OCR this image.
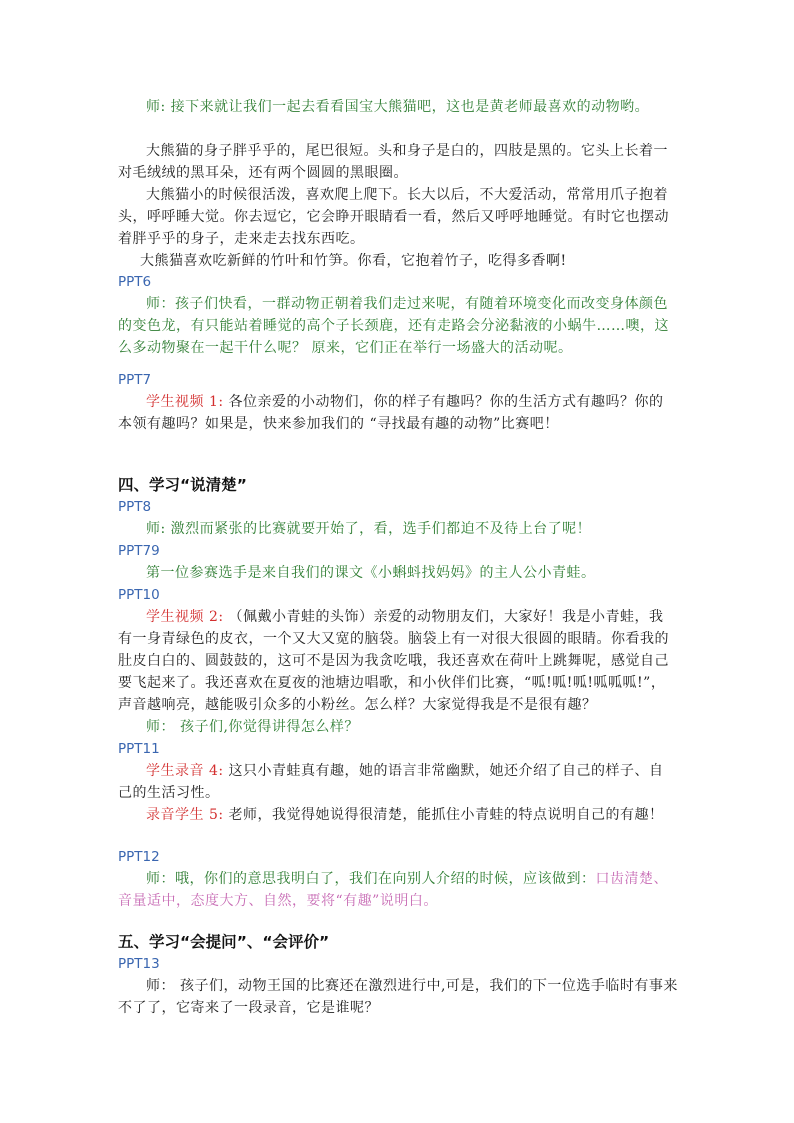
师: 接下来就让我们一起去看看国宝大熊猫吧，这也是黄老师最喜欢的动物哟。
大熊猫的身子胖乎乎的，尾巴很短。头和身子是白的，四肢是黑的。它头上长着一对毛绒绒的黑耳朵，还有两个圆圆的黑眼圈。
大熊猫小的时候很活泼，喜欢爬上爬下。长大以后，不大爱活动，常常用爪子抱着头，呼呼睡大觉。你去逗它，它会睁开眼睛看一看，然后又呼呼地睡觉。有时它也摆动着胖乎乎的身子，走来走去找东西吃。
大熊猫喜欢吃新鲜的竹叶和竹笋。你看，它抱着竹子，吃得多香啊!
PPT6
师：孩子们快看，一群动物正朝着我们走过来呢，有随着环境变化而改变身体颜色的变色龙，有只能站着睡觉的高个子长颈鹿，还有走路会分泌黏液的小蜗牛……噢，这么多动物聚在一起干什么呢？ 原来，它们正在举行一场盛大的活动呢。
PPT7
学生视频 1: 各位亲爱的小动物们，你的样子有趣吗？你的生活方式有趣吗？你的本领有趣吗？如果是，快来参加我们的 “寻找最有趣的动物”比赛吧！
四、学习“说清楚”
PPT8
师: 激烈而紧张的比赛就要开始了，看，选手们都迫不及待上台了呢！
PPT79
第一位参赛选手是来自我们的课文《小蝌蚪找妈妈》的主人公小青蛙。
PPT10
学生视频 2: （佩戴小青蛙的头饰）亲爱的动物朋友们，大家好！我是小青蛙，我有一身青绿色的皮衣，一个又大又宽的脑袋。脑袋上有一对很大很圆的眼睛。你看我的肚皮白白的、圆鼓鼓的，这可不是因为我贪吃哦，我还喜欢在荷叶上跳舞呢，感觉自己要飞起来了。我还喜欢在夏夜的池塘边唱歌，和小伙伴们比赛，“呱!呱!呱!呱呱呱!”，声音越响亮，越能吸引众多的小粉丝。怎么样？大家觉得我是不是很有趣？
师： 孩子们,你觉得讲得怎么样？
PPT11
学生录音 4: 这只小青蛙真有趣，她的语言非常幽默，她还介绍了自己的样子、自己的生活习性。
录音学生 5: 老师，我觉得她说得很清楚，能抓住小青蛙的特点说明自己的有趣！
PPT12
师：哦，你们的意思我明白了，我们在向别人介绍的时候，应该做到：口齿清楚、音量适中，态度大方、自然，要将“有趣”说明白。
五、学习“会提问”、“会评价”
PPT13
师： 孩子们，动物王国的比赛还在激烈进行中,可是，我们的下一位选手临时有事来不了了，它寄来了一段录音，它是谁呢？
